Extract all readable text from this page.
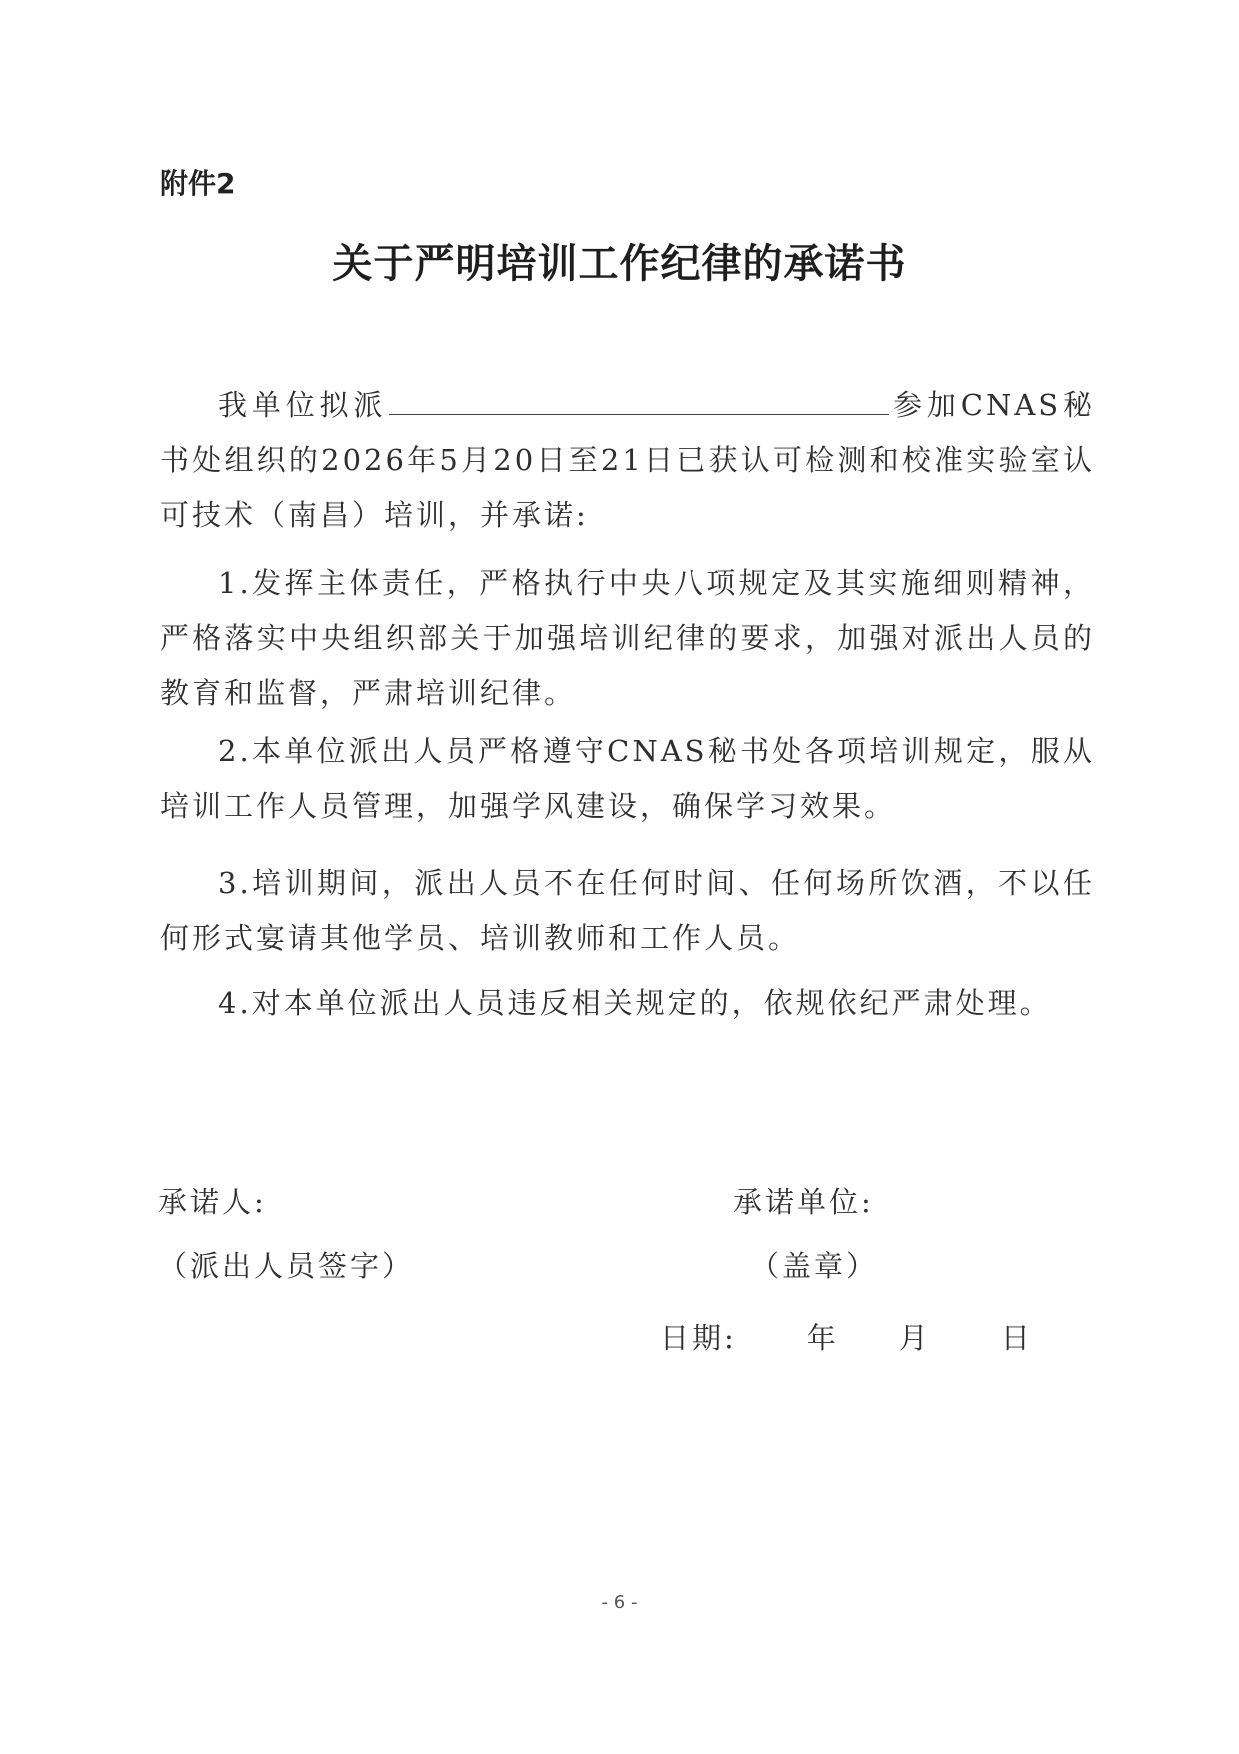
附件2
关于严明培训工作纪律的承诺书

我单位拟派	参加CNAS秘书处组织的2026年5月20日至21日已获认可检测和校准实验室认可技术（南昌）培训，并承诺:

1.发挥主体责任，严格执行中央八项规定及其实施细则精神，严格落实中央组织部关于加强培训纪律的要求，加强对派出人员的教育和监督，严肃培训纪律。

2.本单位派出人员严格遵守CNAS秘书处各项培训规定，服从培训工作人员管理，加强学风建设，确保学习效果。

3.培训期间，派出人员不在任何时间、任何场所饮酒，不以任何形式宴请其他学员、培训教师和工作人员。

4.对本单位派出人员违反相关规定的，依规依纪严肃处理。

承诺人:
（派出人员签字）
承诺单位:
（盖章）
日期: 年 月 日
- 6 -
